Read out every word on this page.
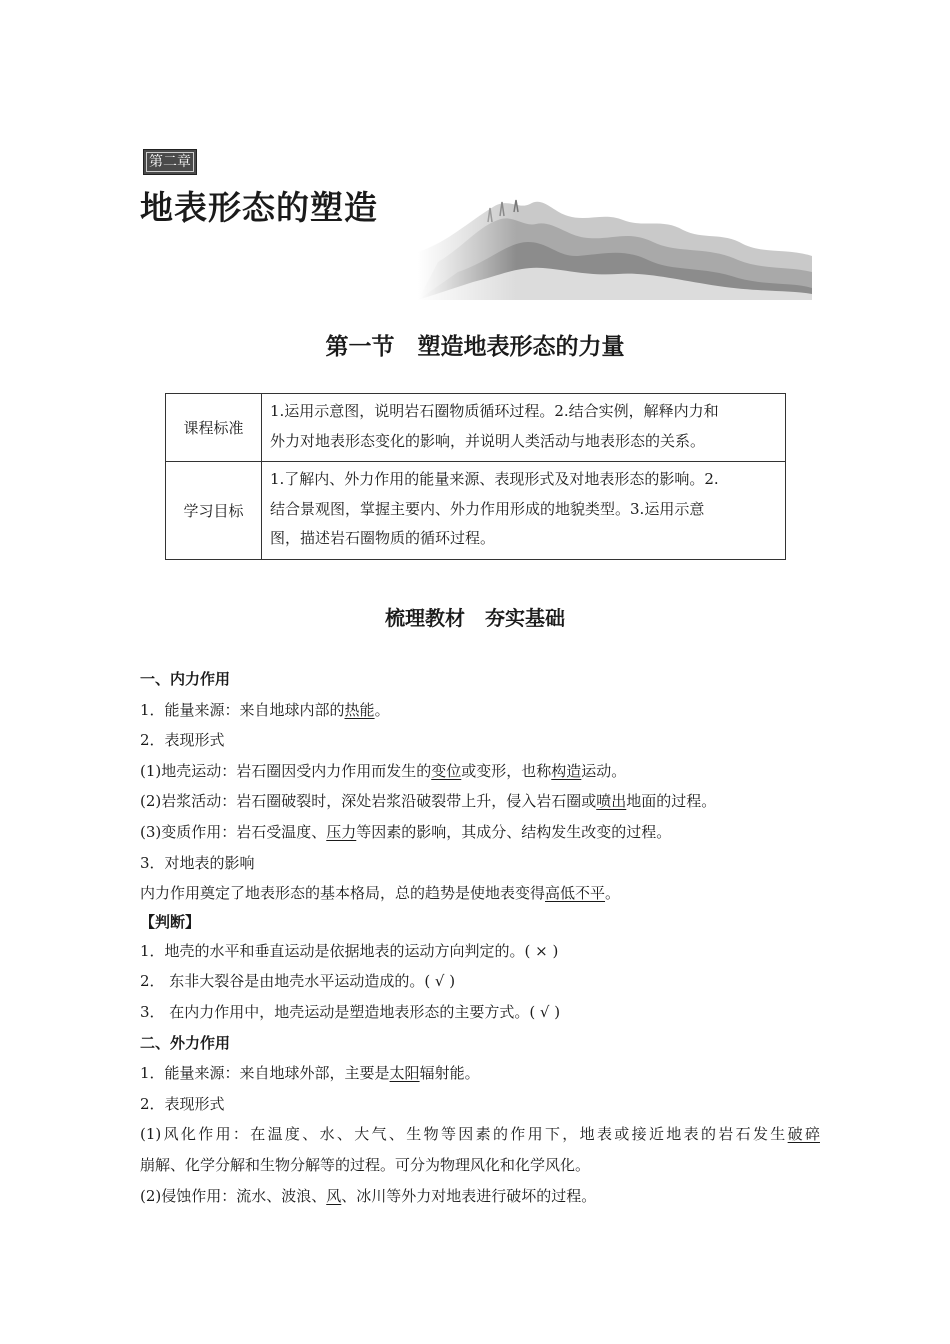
第二章
地表形态的塑造
第一节　塑造地表形态的力量
课程标准	1.运用示意图，说明岩石圈物质循环过程。2.结合实例，解释内力和
外力对地表形态变化的影响，并说明人类活动与地表形态的关系。

学习目标	1.了解内、外力作用的能量来源、表现形式及对地表形态的影响。2.
结合景观图，掌握主要内、外力作用形成的地貌类型。3.运用示意
图，描述岩石圈物质的循环过程。
梳理教材　夯实基础
一、内力作用
1．能量来源：来自地球内部的热能。
2．表现形式
(1)地壳运动：岩石圈因受内力作用而发生的变位或变形，也称构造运动。
(2)岩浆活动：岩石圈破裂时，深处岩浆沿破裂带上升，侵入岩石圈或喷出地面的过程。
(3)变质作用：岩石受温度、压力等因素的影响，其成分、结构发生改变的过程。
3．对地表的影响
内力作用奠定了地表形态的基本格局，总的趋势是使地表变得高低不平。
【判断】
1．地壳的水平和垂直运动是依据地表的运动方向判定的。( × )
2． 东非大裂谷是由地壳水平运动造成的。( √ )
3． 在内力作用中，地壳运动是塑造地表形态的主要方式。( √ )
二、外力作用
1．能量来源：来自地球外部，主要是太阳辐射能。
2．表现形式
(1)风化作用：在温度、水、大气、生物等因素的作用下，地表或接近地表的岩石发生破碎
崩解、化学分解和生物分解等的过程。可分为物理风化和化学风化。
(2)侵蚀作用：流水、波浪、风、冰川等外力对地表进行破坏的过程。
